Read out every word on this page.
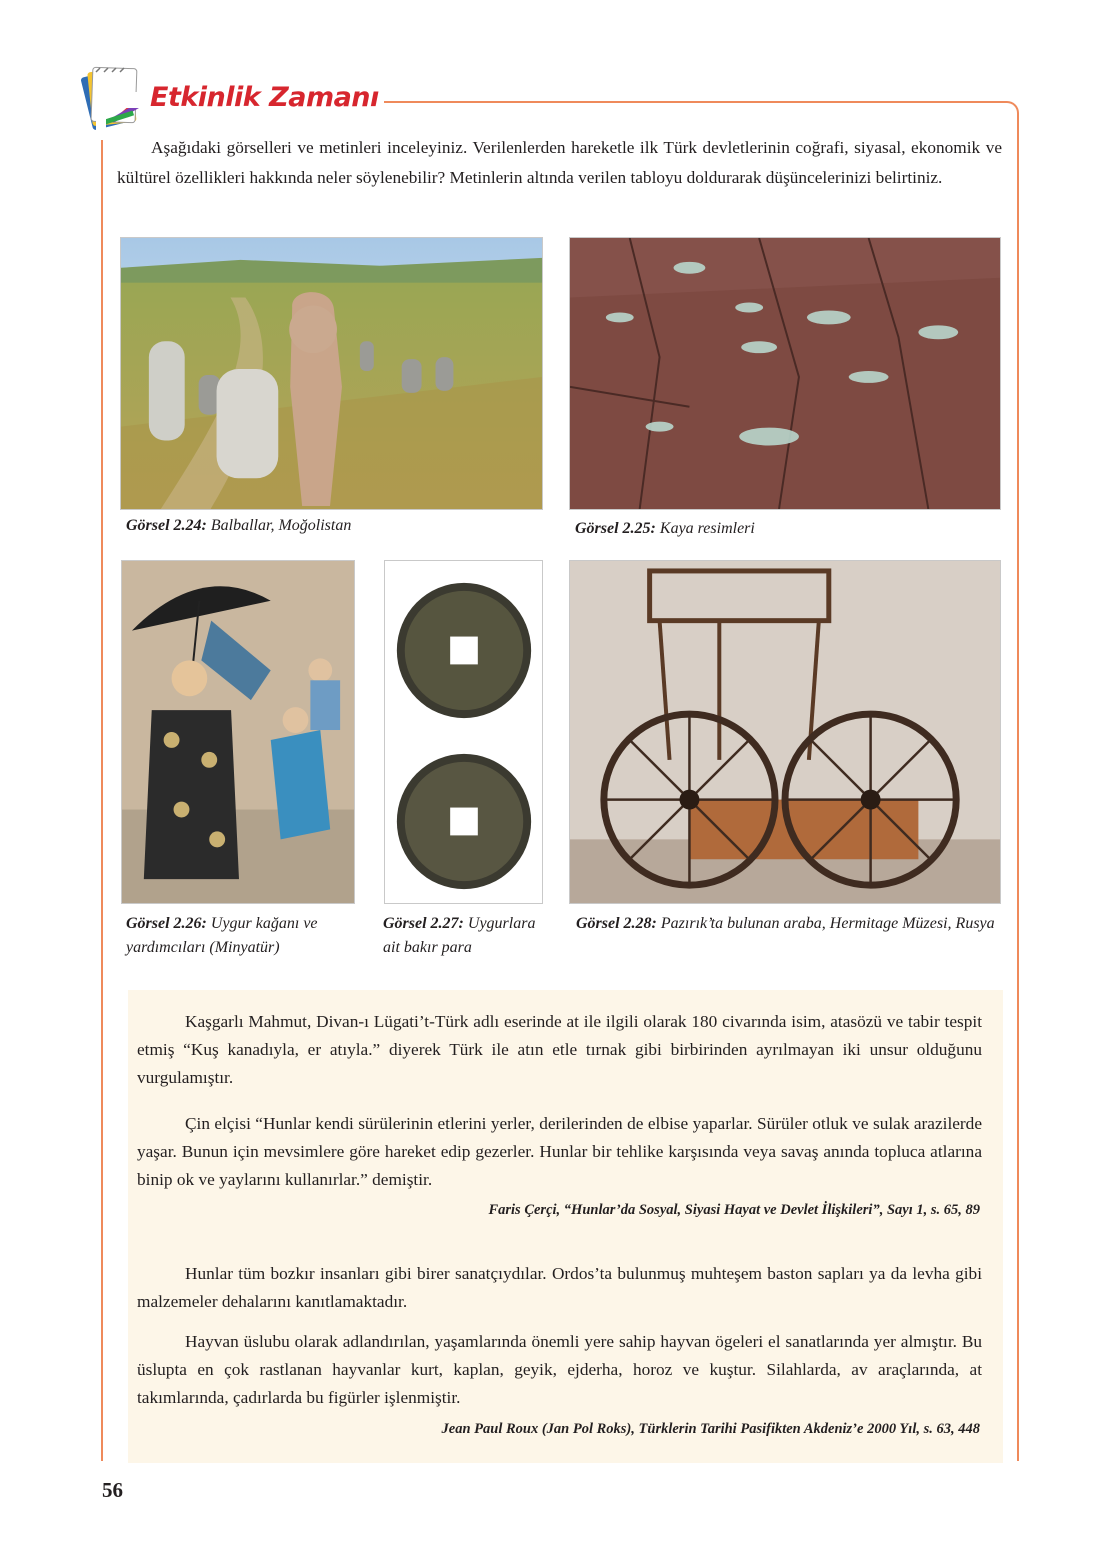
Etkinlik Zamanı

Aşağıdaki görselleri ve metinleri inceleyiniz. Verilenlerden hareketle ilk Türk devletlerinin coğrafi, siyasal, ekonomik ve kültürel özellikleri hakkında neler söylenebilir? Metinlerin altında verilen tabloyu doldurarak düşüncelerinizi belirtiniz.

Görsel 2.24: Balballar, Moğolistan	Görsel 2.25: Kaya resimleri
Görsel 2.26: Uygur kağanı ve yardımcıları (Minyatür)
Görsel 2.27: Uygurlara ait bakır para
Görsel 2.28: Pazırık’ta bulunan araba, Hermitage Müzesi, Rusya

Kaşgarlı Mahmut, Divan-ı Lügati’t-Türk adlı eserinde at ile ilgili olarak 180 civarında isim, atasözü ve tabir tespit etmiş “Kuş kanadıyla, er atıyla.” diyerek Türk ile atın etle tırnak gibi birbirinden ayrılmayan iki unsur olduğunu vurgulamıştır.

Çin elçisi “Hunlar kendi sürülerinin etlerini yerler, derilerinden de elbise yaparlar. Sürüler otluk ve sulak arazilerde yaşar. Bunun için mevsimlere göre hareket edip gezerler. Hunlar bir tehlike karşısında veya savaş anında topluca atlarına binip ok ve yaylarını kullanırlar.” demiştir.

Faris Çerçi, “Hunlar’da Sosyal, Siyasi Hayat ve Devlet İlişkileri”, Sayı 1, s. 65, 89

Hunlar tüm bozkır insanları gibi birer sanatçıydılar. Ordos’ta bulunmuş muhteşem baston sapları ya da levha gibi malzemeler dehalarını kanıtlamaktadır.

Hayvan üslubu olarak adlandırılan, yaşamlarında önemli yere sahip hayvan ögeleri el sanatlarında yer almıştır. Bu üslupta en çok rastlanan hayvanlar kurt, kaplan, geyik, ejderha, horoz ve kuştur. Silahlarda, av araçlarında, at takımlarında, çadırlarda bu figürler işlenmiştir.

Jean Paul Roux (Jan Pol Roks), Türklerin Tarihi Pasifikten Akdeniz’e 2000 Yıl, s. 63, 448
56
